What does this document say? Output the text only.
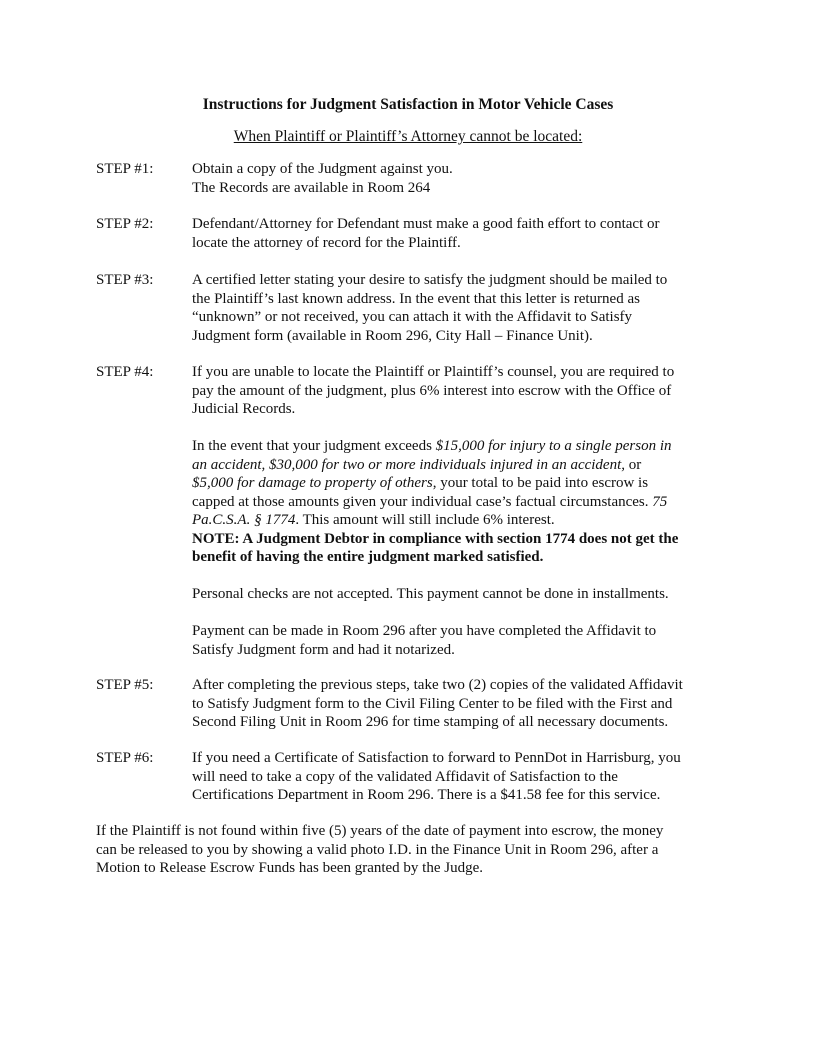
Instructions for Judgment Satisfaction in Motor Vehicle Cases
When Plaintiff or Plaintiff’s Attorney cannot be located:
STEP #1:	Obtain a copy of the Judgment against you.
The Records are available in Room 264
STEP #2:	Defendant/Attorney for Defendant must make a good faith effort to contact or
locate the attorney of record for the Plaintiff.
STEP #3:	A certified letter stating your desire to satisfy the judgment should be mailed to
the Plaintiff’s last known address. In the event that this letter is returned as
“unknown” or not received, you can attach it with the Affidavit to Satisfy
Judgment form (available in Room 296, City Hall – Finance Unit).
STEP #4:	If you are unable to locate the Plaintiff or Plaintiff’s counsel, you are required to
pay the amount of the judgment, plus 6% interest into escrow with the Office of
Judicial Records.
In the event that your judgment exceeds $15,000 for injury to a single person in
an accident, $30,000 for two or more individuals injured in an accident, or
$5,000 for damage to property of others, your total to be paid into escrow is
capped at those amounts given your individual case’s factual circumstances. 75
Pa.C.S.A. § 1774. This amount will still include 6% interest.
NOTE: A Judgment Debtor in compliance with section 1774 does not get the
benefit of having the entire judgment marked satisfied.
Personal checks are not accepted. This payment cannot be done in installments.
Payment can be made in Room 296 after you have completed the Affidavit to
Satisfy Judgment form and had it notarized.
STEP #5:	After completing the previous steps, take two (2) copies of the validated Affidavit
to Satisfy Judgment form to the Civil Filing Center to be filed with the First and
Second Filing Unit in Room 296 for time stamping of all necessary documents.
STEP #6:	If you need a Certificate of Satisfaction to forward to PennDot in Harrisburg, you
will need to take a copy of the validated Affidavit of Satisfaction to the
Certifications Department in Room 296. There is a $41.58 fee for this service.
If the Plaintiff is not found within five (5) years of the date of payment into escrow, the money
can be released to you by showing a valid photo I.D. in the Finance Unit in Room 296, after a
Motion to Release Escrow Funds has been granted by the Judge.
